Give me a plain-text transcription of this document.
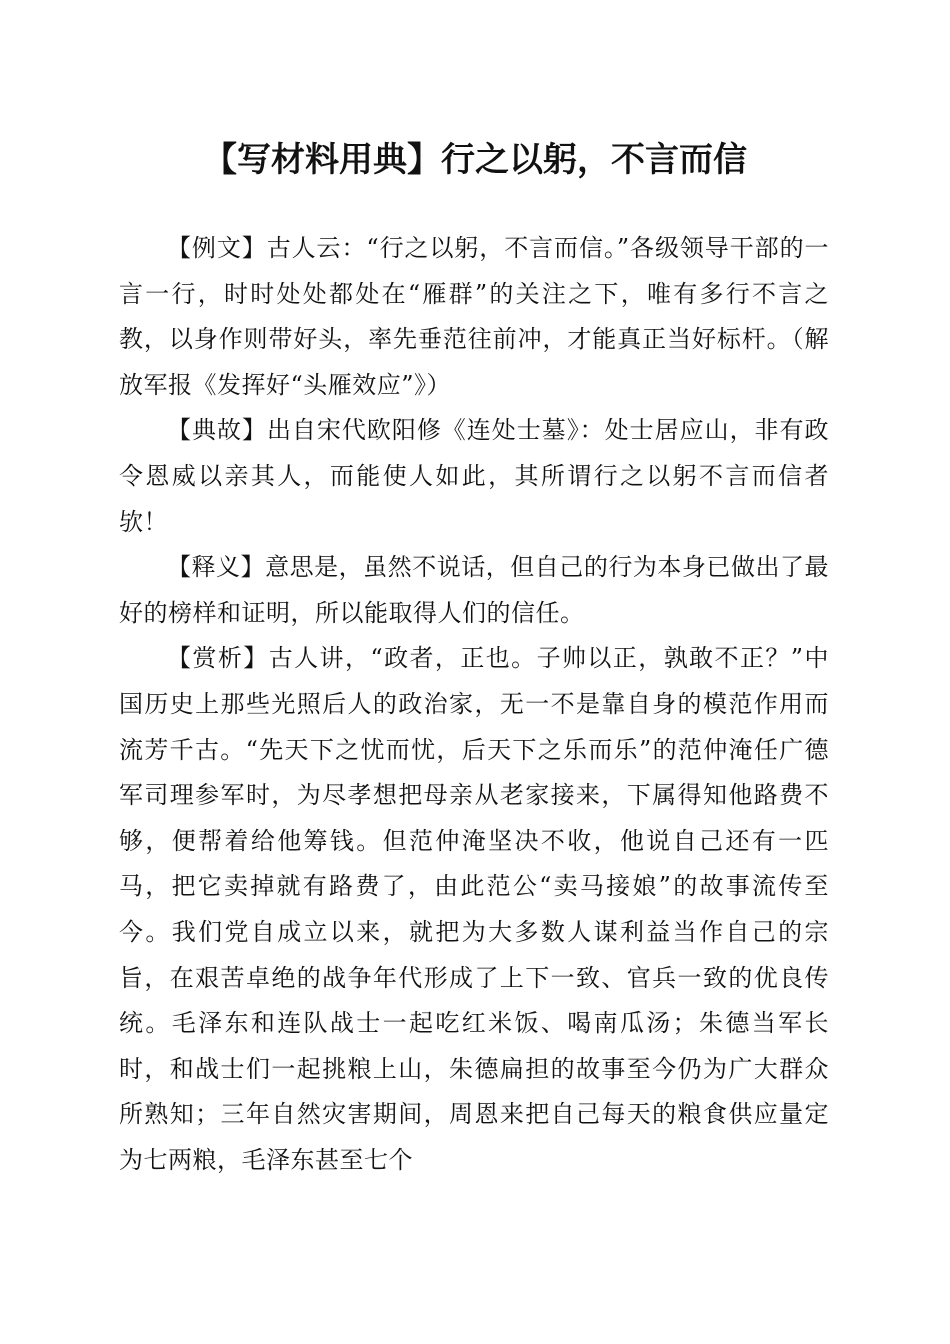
【写材料用典】行之以躬，不言而信

【例文】古人云：“行之以躬，不言而信。”各级领导干部的一言一行，时时处处都处在“雁群”的关注之下，唯有多行不言之教，以身作则带好头，率先垂范往前冲，才能真正当好标杆。（解放军报《发挥好“头雁效应”》）

【典故】出自宋代欧阳修《连处士墓》：处士居应山，非有政令恩威以亲其人，而能使人如此，其所谓行之以躬不言而信者欤！

【释义】意思是，虽然不说话，但自己的行为本身已做出了最好的榜样和证明，所以能取得人们的信任。

【赏析】古人讲，“政者，正也。子帅以正，孰敢不正？”中国历史上那些光照后人的政治家，无一不是靠自身的模范作用而流芳千古。“先天下之忧而忧，后天下之乐而乐”的范仲淹任广德军司理参军时，为尽孝想把母亲从老家接来，下属得知他路费不够，便帮着给他筹钱。但范仲淹坚决不收，他说自己还有一匹马，把它卖掉就有路费了，由此范公“卖马接娘”的故事流传至今。我们党自成立以来，就把为大多数人谋利益当作自己的宗旨，在艰苦卓绝的战争年代形成了上下一致、官兵一致的优良传统。毛泽东和连队战士一起吃红米饭、喝南瓜汤；朱德当军长时，和战士们一起挑粮上山，朱德扁担的故事至今仍为广大群众所熟知；三年自然灾害期间，周恩来把自己每天的粮食供应量定为七两粮，毛泽东甚至七个
